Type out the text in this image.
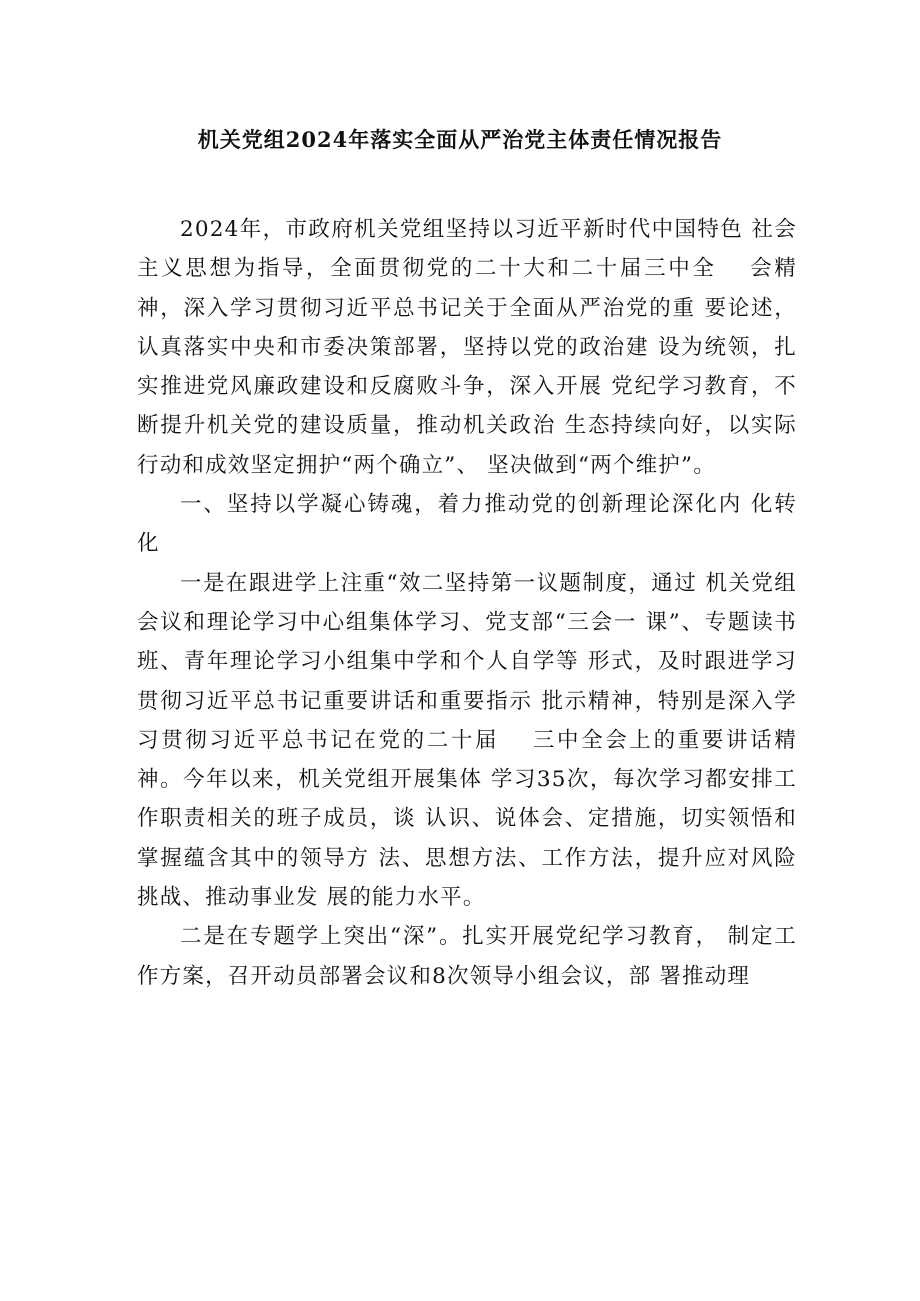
机关党组2024年落实全面从严治党主体责任情况报告

2024年，市政府机关党组坚持以习近平新时代中国特色 社会主义思想为指导，全面贯彻党的二十大和二十届三中全　 会精神，深入学习贯彻习近平总书记关于全面从严治党的重 要论述，认真落实中央和市委决策部署，坚持以党的政治建 设为统领，扎实推进党风廉政建设和反腐败斗争，深入开展 党纪学习教育，不断提升机关党的建设质量，推动机关政治 生态持续向好，以实际行动和成效坚定拥护“两个确立”、 坚决做到“两个维护”。

一、坚持以学凝心铸魂，着力推动党的创新理论深化内 化转化

一是在跟进学上注重“效二坚持第一议题制度，通过 机关党组会议和理论学习中心组集体学习、党支部“三会一 课”、专题读书班、青年理论学习小组集中学和个人自学等 形式，及时跟进学习贯彻习近平总书记重要讲话和重要指示 批示精神，特别是深入学习贯彻习近平总书记在党的二十届　 三中全会上的重要讲话精神。今年以来，机关党组开展集体 学习35次，每次学习都安排工作职责相关的班子成员，谈 认识、说体会、定措施，切实领悟和掌握蕴含其中的领导方 法、思想方法、工作方法，提升应对风险挑战、推动事业发 展的能力水平。

二是在专题学上突出“深”。扎实开展党纪学习教育， 制定工作方案，召开动员部署会议和8次领导小组会议，部 署推动理
